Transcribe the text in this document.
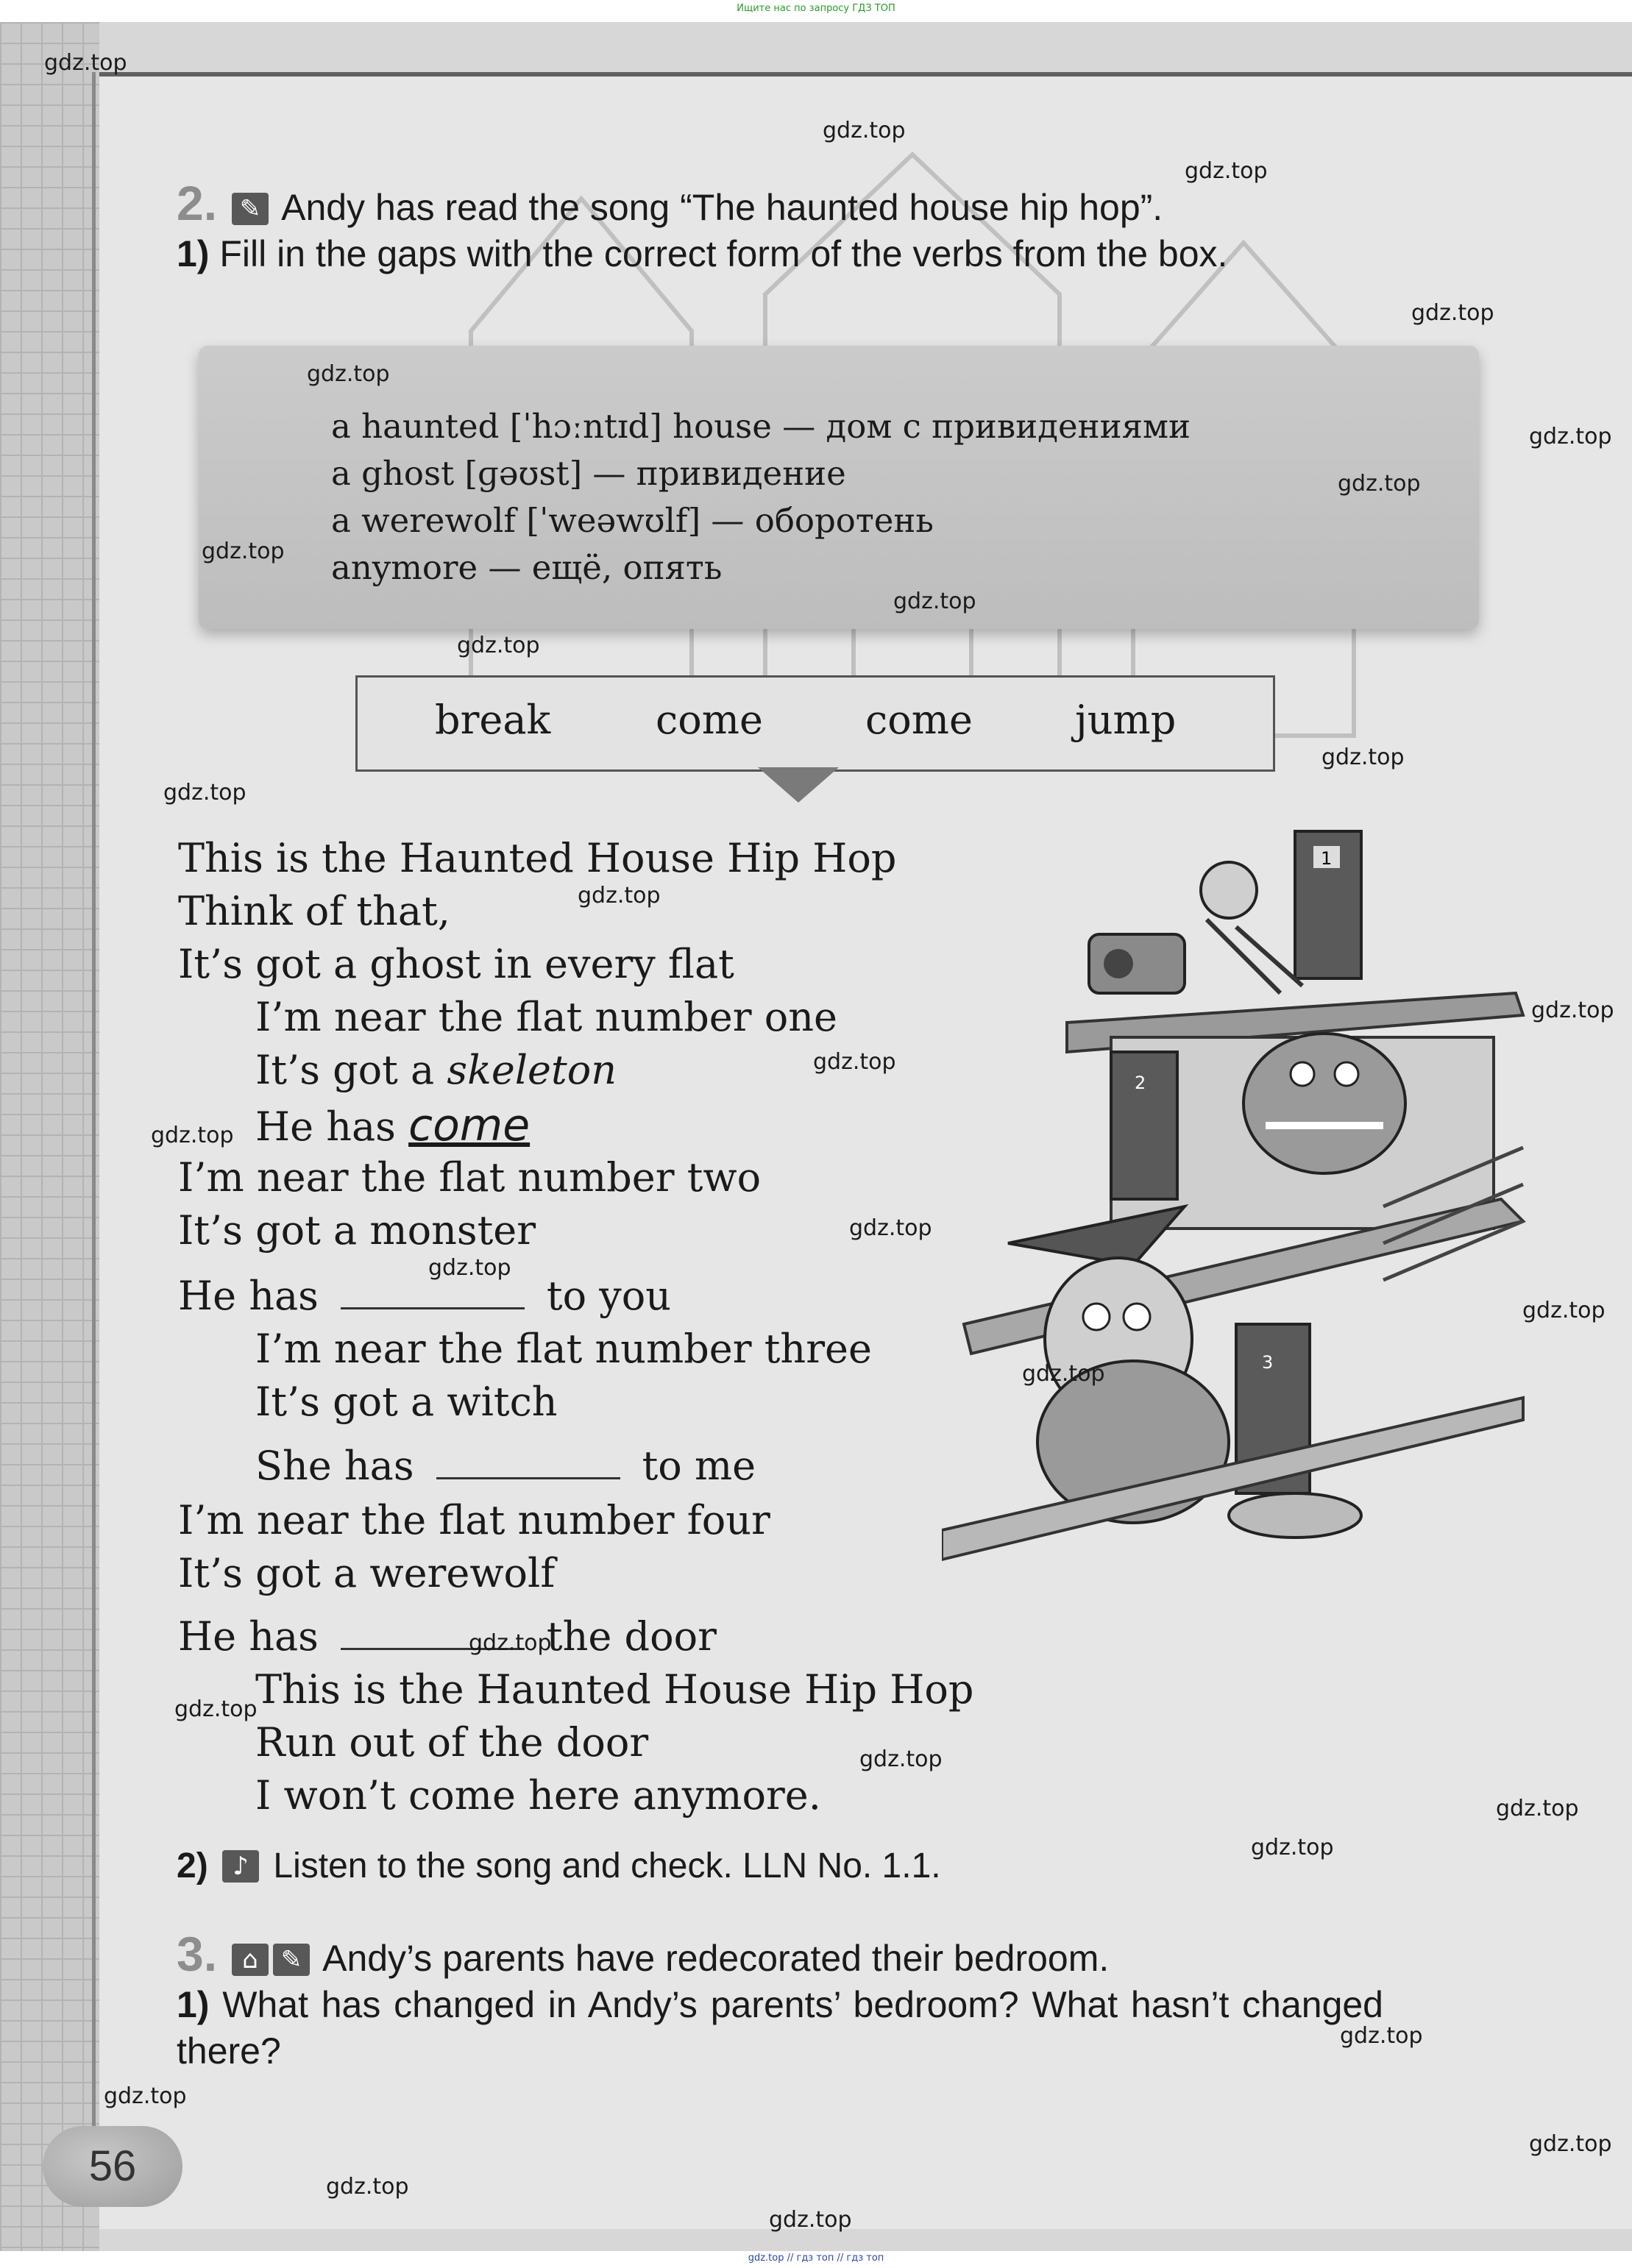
Ищите нас по запросу ГДЗ ТОП
2. ✎ Andy has read the song “The haunted house hip hop”.
1) Fill in the gaps with the correct form of the verbs from the box.
a haunted [ˈhɔːntɪd] house — дом с привидениями
a ghost [ɡəʊst] — привидение
a werewolf [ˈweəwʊlf] — оборотень
anymore — ещё, опять
break	come	come	jump
This is the Haunted House Hip Hop
Think of that,
It’s got a ghost in every flat
I’m near the flat number one
It’s got a skeleton
He has come
I’m near the flat number two
It’s got a monster
He has	to you
I’m near the flat number three
It’s got a witch
She has	to me
I’m near the flat number four
It’s got a werewolf
He has	the door
This is the Haunted House Hip Hop
Run out of the door
I won’t come here anymore.
1
2
3
2) ♪ Listen to the song and check. LLN No. 1.1.
3. ⌂ ✎ Andy’s parents have redecorated their bedroom.
1) What has changed in Andy’s parents’ bedroom? What hasn’t changed there?
56
gdz.top
gdz.top
gdz.top
gdz.top
gdz.top
gdz.top
gdz.top
gdz.top
gdz.top
gdz.top
gdz.top
gdz.top
gdz.top
gdz.top
gdz.top
gdz.top
gdz.top
gdz.top
gdz.top
gdz.top
gdz.top
gdz.top
gdz.top
gdz.top
gdz.top
gdz.top
gdz.top
gdz.top
gdz.top
gdz.top
gdz.top // гдз топ // гдз топ
